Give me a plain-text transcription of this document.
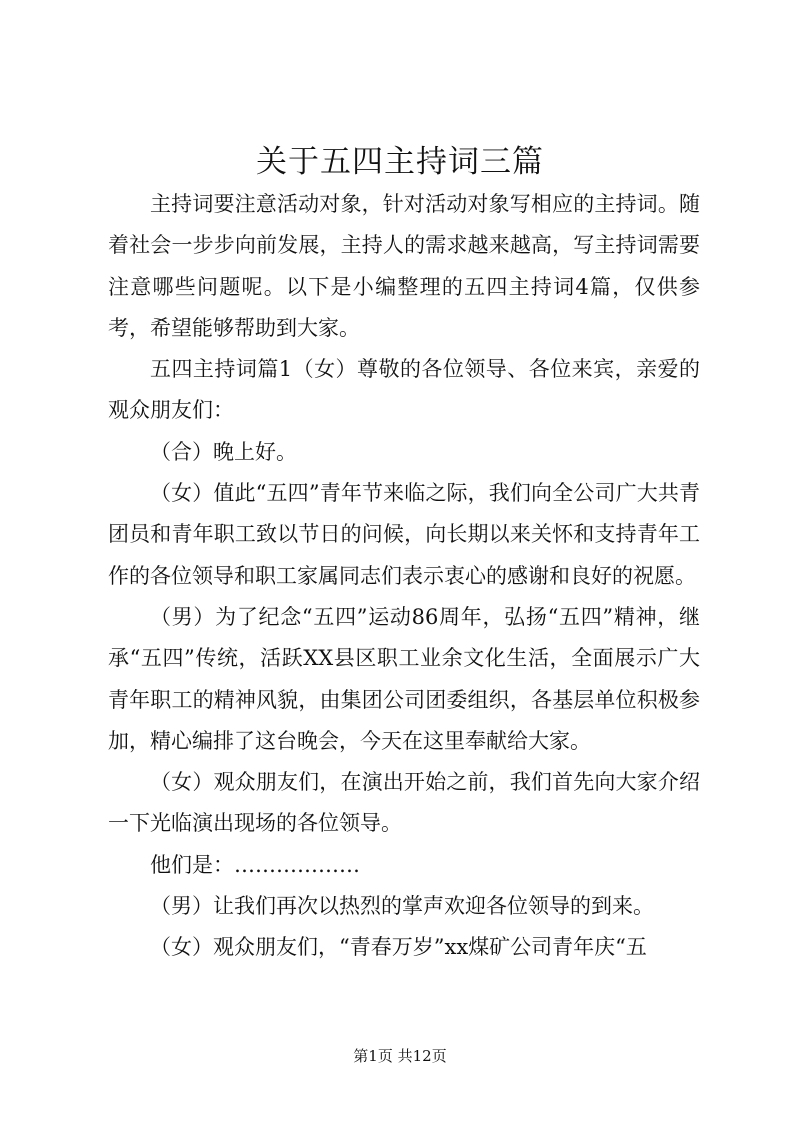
关于五四主持词三篇

主持词要注意活动对象，针对活动对象写相应的主持词。随着社会一步步向前发展，主持人的需求越来越高，写主持词需要注意哪些问题呢。以下是小编整理的五四主持词4篇，仅供参考，希望能够帮助到大家。

五四主持词篇1（女）尊敬的各位领导、各位来宾，亲爱的观众朋友们：

（合）晚上好。

（女）值此“五四”青年节来临之际，我们向全公司广大共青团员和青年职工致以节日的问候，向长期以来关怀和支持青年工作的各位领导和职工家属同志们表示衷心的感谢和良好的祝愿。

（男）为了纪念“五四”运动86周年，弘扬“五四”精神，继承“五四”传统，活跃XX县区职工业余文化生活，全面展示广大青年职工的精神风貌，由集团公司团委组织，各基层单位积极参加，精心编排了这台晚会，今天在这里奉献给大家。

（女）观众朋友们，在演出开始之前，我们首先向大家介绍一下光临演出现场的各位领导。

他们是：………………

（男）让我们再次以热烈的掌声欢迎各位领导的到来。

（女）观众朋友们，“青春万岁”xx煤矿公司青年庆“五

第1页 共12页
